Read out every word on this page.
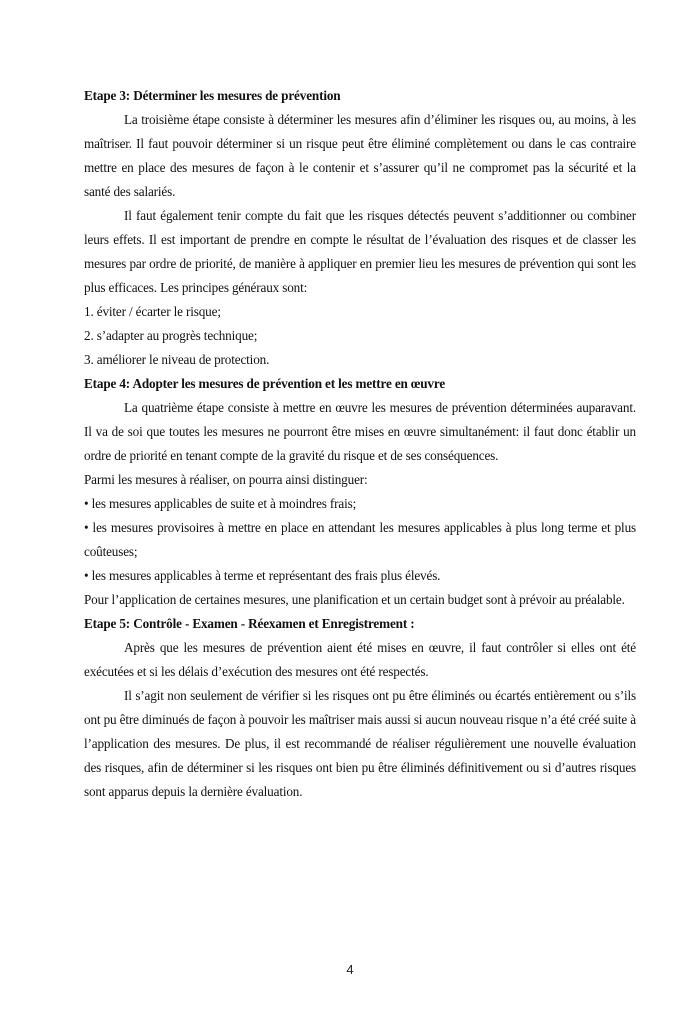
Etape 3: Déterminer les mesures de prévention

La troisième étape consiste à déterminer les mesures afin d’éliminer les risques ou, au moins, à les maîtriser. Il faut pouvoir déterminer si un risque peut être éliminé complètement ou dans le cas contraire mettre en place des mesures de façon à le contenir et s’assurer qu’il ne compromet pas la sécurité et la santé des salariés.

Il faut également tenir compte du fait que les risques détectés peuvent s’additionner ou combiner leurs effets. Il est important de prendre en compte le résultat de l’évaluation des risques et de classer les mesures par ordre de priorité, de manière à appliquer en premier lieu les mesures de prévention qui sont les plus efficaces. Les principes généraux sont:

1. éviter / écarter le risque;

2. s’adapter au progrès technique;

3. améliorer le niveau de protection.

Etape 4: Adopter les mesures de prévention et les mettre en œuvre

La quatrième étape consiste à mettre en œuvre les mesures de prévention déterminées auparavant. Il va de soi que toutes les mesures ne pourront être mises en œuvre simultanément: il faut donc établir un ordre de priorité en tenant compte de la gravité du risque et de ses conséquences.

Parmi les mesures à réaliser, on pourra ainsi distinguer:

• les mesures applicables de suite et à moindres frais;

• les mesures provisoires à mettre en place en attendant les mesures applicables à plus long terme et plus coûteuses;

• les mesures applicables à terme et représentant des frais plus élevés.

Pour l’application de certaines mesures, une planification et un certain budget sont à prévoir au préalable.

Etape 5: Contrôle - Examen - Réexamen et Enregistrement :

Après que les mesures de prévention aient été mises en œuvre, il faut contrôler si elles ont été exécutées et si les délais d’exécution des mesures ont été respectés.

Il s’agit non seulement de vérifier si les risques ont pu être éliminés ou écartés entièrement ou s’ils ont pu être diminués de façon à pouvoir les maîtriser mais aussi si aucun nouveau risque n’a été créé suite à l’application des mesures. De plus, il est recommandé de réaliser régulièrement une nouvelle évaluation des risques, afin de déterminer si les risques ont bien pu être éliminés définitivement ou si d’autres risques sont apparus depuis la dernière évaluation.

4
